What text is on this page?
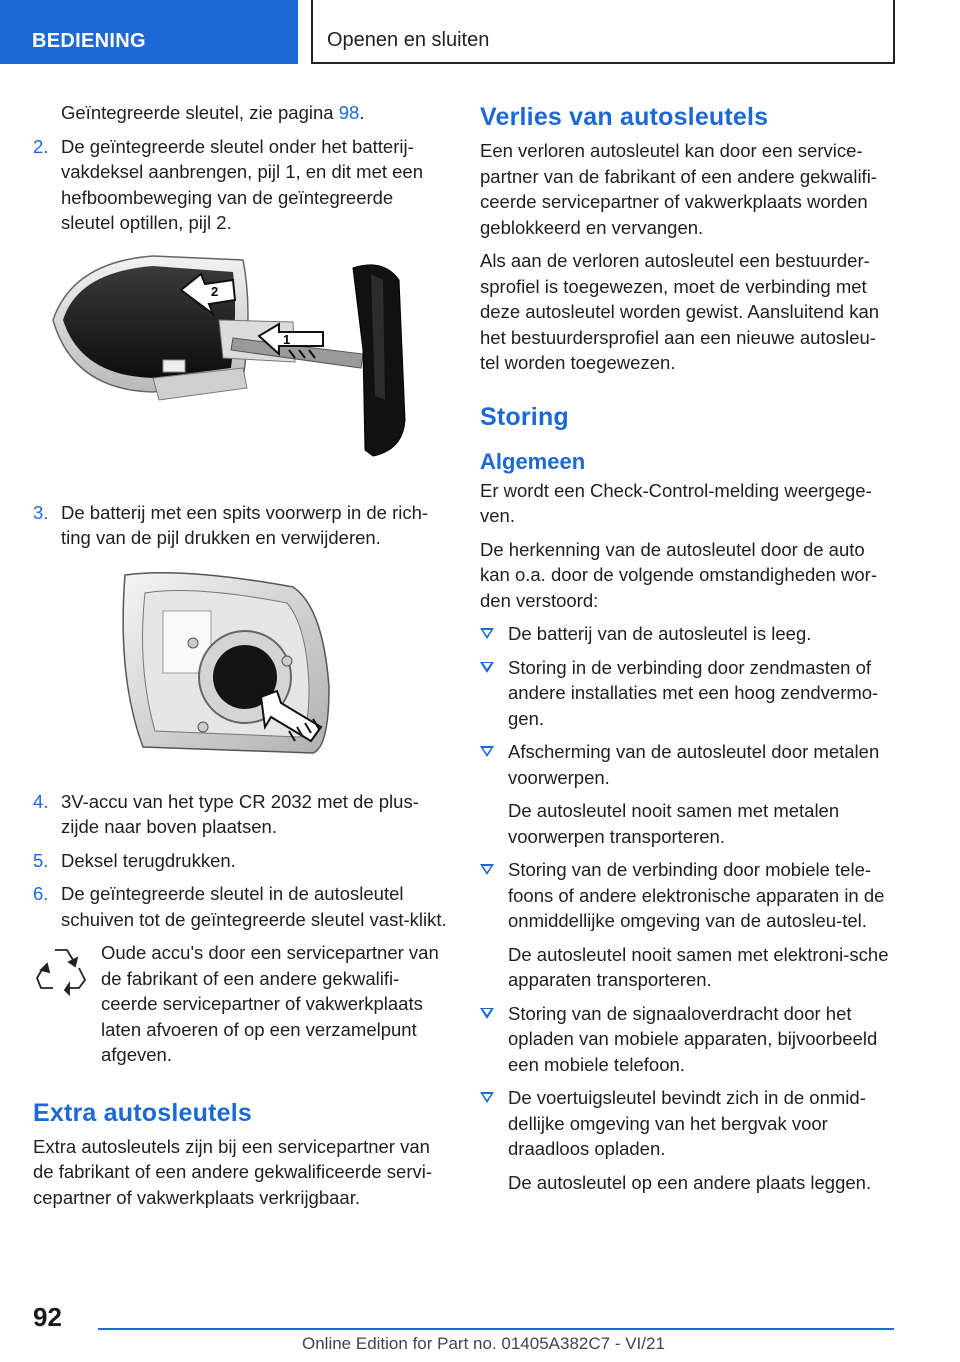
BEDIENING	Openen en sluiten
Geïntegreerde sleutel, zie pagina 98.
2. De geïntegreerde sleutel onder het batterij-vakdeksel aanbrengen, pijl 1, en dit met een hefboombeweging van de geïntegreerde sleutel optillen, pijl 2.
2
1
3. De batterij met een spits voorwerp in de rich-ting van de pijl drukken en verwijderen.
4. 3V-accu van het type CR 2032 met de plus-zijde naar boven plaatsen.
5. Deksel terugdrukken.
6. De geïntegreerde sleutel in de autosleutel schuiven tot de geïntegreerde sleutel vast-klikt.
Oude accu's door een servicepartner van de fabrikant of een andere gekwalifi-ceerde servicepartner of vakwerkplaats laten afvoeren of op een verzamelpunt afgeven.
Extra autosleutels
Extra autosleutels zijn bij een servicepartner van de fabrikant of een andere gekwalificeerde servi-cepartner of vakwerkplaats verkrijgbaar.
Verlies van autosleutels
Een verloren autosleutel kan door een service-partner van de fabrikant of een andere gekwalifi-ceerde servicepartner of vakwerkplaats worden geblokkeerd en vervangen.
Als aan de verloren autosleutel een bestuurder-sprofiel is toegewezen, moet de verbinding met deze autosleutel worden gewist. Aansluitend kan het bestuurdersprofiel aan een nieuwe autosleu-tel worden toegewezen.
Storing
Algemeen
Er wordt een Check-Control-melding weergege-ven.
De herkenning van de autosleutel door de auto kan o.a. door de volgende omstandigheden wor-den verstoord:
De batterij van de autosleutel is leeg.
Storing in de verbinding door zendmasten of andere installaties met een hoog zendvermo-gen.
Afscherming van de autosleutel door metalen voorwerpen.
De autosleutel nooit samen met metalen voorwerpen transporteren.
Storing van de verbinding door mobiele tele-foons of andere elektronische apparaten in de onmiddellijke omgeving van de autosleu-tel.
De autosleutel nooit samen met elektroni-sche apparaten transporteren.
Storing van de signaaloverdracht door het opladen van mobiele apparaten, bijvoorbeeld een mobiele telefoon.
De voertuigsleutel bevindt zich in de onmid-dellijke omgeving van het bergvak voor draadloos opladen.
De autosleutel op een andere plaats leggen.
92
Online Edition for Part no. 01405A382C7 - VI/21
